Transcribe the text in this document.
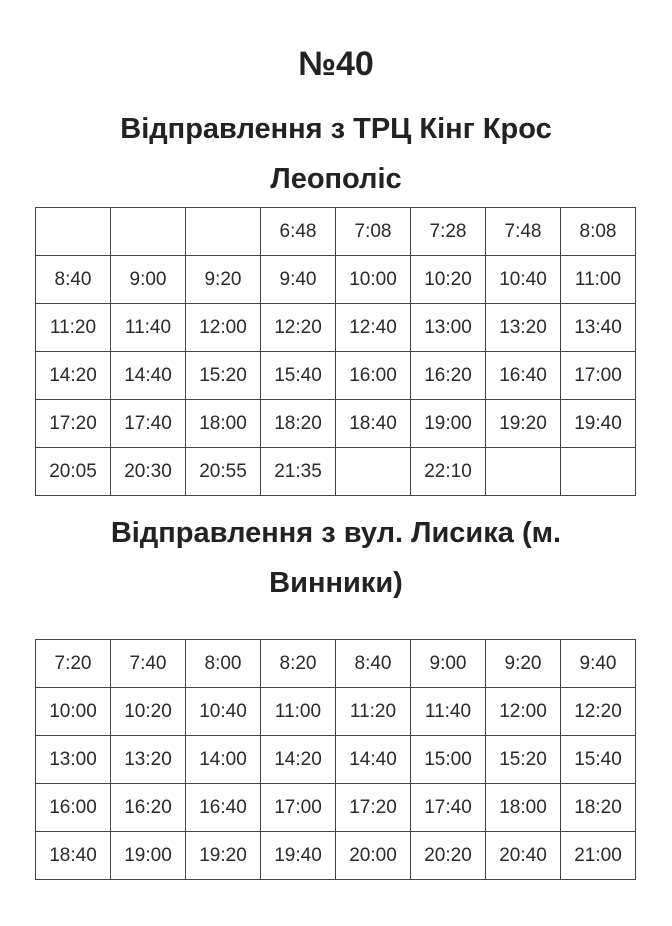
№40
Відправлення з ТРЦ Кінг Крос
Леополіс
			6:48	7:08	7:28	7:48	8:08
8:40	9:00	9:20	9:40	10:00	10:20	10:40	11:00
11:20	11:40	12:00	12:20	12:40	13:00	13:20	13:40
14:20	14:40	15:20	15:40	16:00	16:20	16:40	17:00
17:20	17:40	18:00	18:20	18:40	19:00	19:20	19:40
20:05	20:30	20:55	21:35		22:10		
Відправлення з вул. Лисика (м.
Винники)
7:20	7:40	8:00	8:20	8:40	9:00	9:20	9:40
10:00	10:20	10:40	11:00	11:20	11:40	12:00	12:20
13:00	13:20	14:00	14:20	14:40	15:00	15:20	15:40
16:00	16:20	16:40	17:00	17:20	17:40	18:00	18:20
18:40	19:00	19:20	19:40	20:00	20:20	20:40	21:00
